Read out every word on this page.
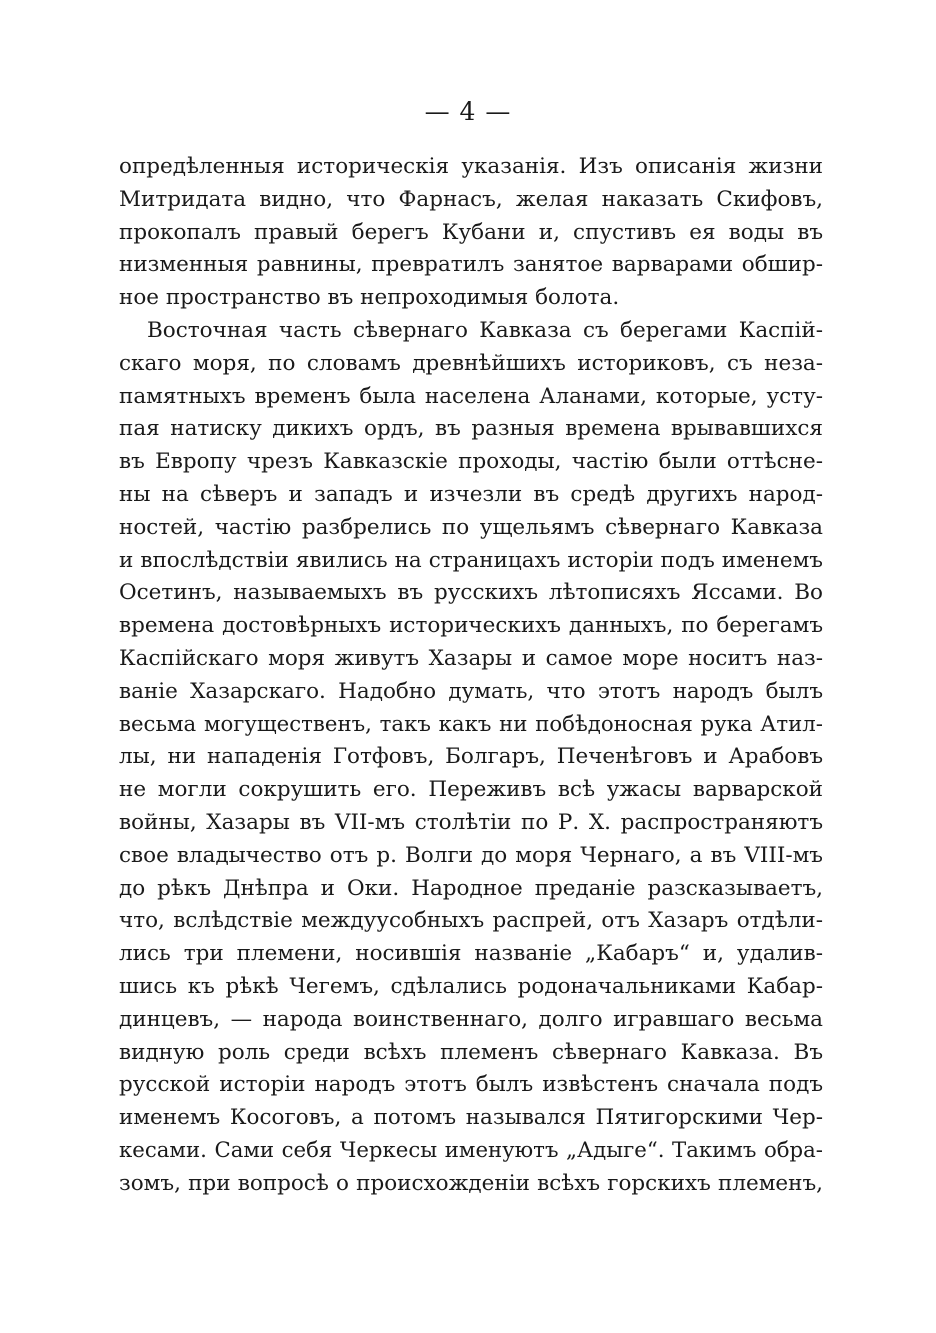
— 4 —
опредѣленныя историческія указанія. Изъ описанія жизни
Митридата видно, что Фарнасъ, желая наказать Скифовъ,
прокопалъ правый берегъ Кубани и, спустивъ ея воды въ
низменныя равнины, превратилъ занятое варварами обшир-
ное пространство въ непроходимыя болота.
Восточная часть сѣвернаго Кавказа съ берегами Каспій-
скаго моря, по словамъ древнѣйшихъ историковъ, съ неза-
памятныхъ временъ была населена Аланами, которые, усту-
пая натиску дикихъ ордъ, въ разныя времена врывавшихся
въ Европу чрезъ Кавказскіе проходы, частію были оттѣсне-
ны на сѣверъ и западъ и изчезли въ средѣ другихъ народ-
ностей, частію разбрелись по ущельямъ сѣвернаго Кавказа
и впослѣдствіи явились на страницахъ исторіи подъ именемъ
Осетинъ, называемыхъ въ русскихъ лѣтописяхъ Ясcами. Во
времена достовѣрныхъ историческихъ данныхъ, по берегамъ
Каспійскаго моря живутъ Хазары и самое море носитъ наз-
ваніе Хазарскаго. Надобно думать, что этотъ народъ былъ
весьма могущественъ, такъ какъ ни побѣдоносная рука Атил-
лы, ни нападенія Готфовъ, Болгаръ, Печенѣговъ и Арабовъ
не могли сокрушить его. Переживъ всѣ ужасы варварской
войны, Хазары въ VII-мъ столѣтіи по Р. Х. распространяютъ
свое владычество отъ р. Волги до моря Чернаго, а въ VIII-мъ
до рѣкъ Днѣпра и Оки. Народное преданіе разсказываетъ,
что, вслѣдствіе междуусобныхъ распрей, отъ Хазаръ отдѣли-
лись три племени, носившія названіе „Кабаръ“ и, удалив-
шись къ рѣкѣ Чегемъ, сдѣлались родоначальниками Кабар-
динцевъ, — народа воинственнаго, долго игравшаго весьма
видную роль среди всѣхъ племенъ сѣвернаго Кавказа. Въ
русской исторіи народъ этотъ былъ извѣстенъ сначала подъ
именемъ Косоговъ, а потомъ назывался Пятигорскими Чер-
кесами. Сами себя Черкесы именуютъ „Адыге“. Такимъ обра-
зомъ, при вопросѣ о происхожденіи всѣхъ горскихъ племенъ,
